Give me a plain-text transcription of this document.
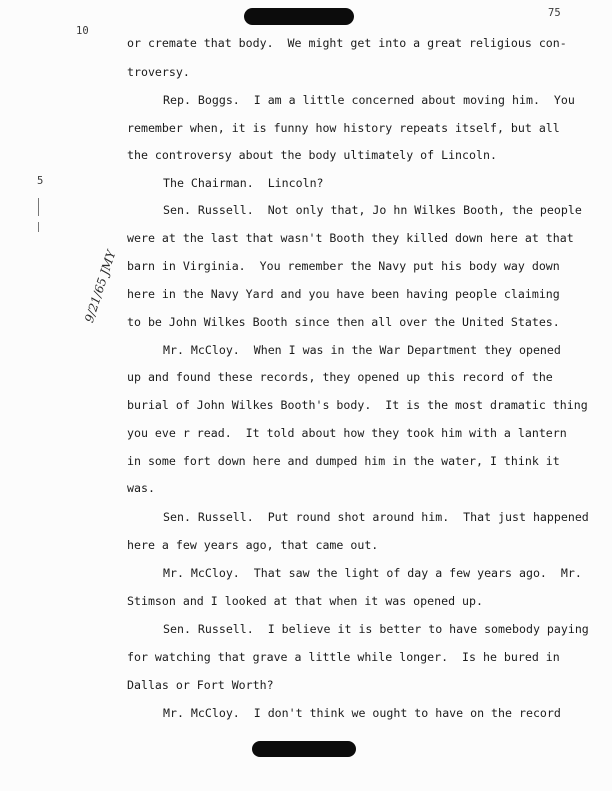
10
75
5
9/21/65 JMY
or cremate that body.  We might get into a great religious con-
troversy.
Rep. Boggs.  I am a little concerned about moving him.  You
remember when, it is funny how history repeats itself, but all
the controversy about the body ultimately of Lincoln.
The Chairman.  Lincoln?
Sen. Russell.  Not only that, Jo hn Wilkes Booth, the people
were at the last that wasn't Booth they killed down here at that
barn in Virginia.  You remember the Navy put his body way down
here in the Navy Yard and you have been having people claiming
to be John Wilkes Booth since then all over the United States.
Mr. McCloy.  When I was in the War Department they opened
up and found these records, they opened up this record of the
burial of John Wilkes Booth's body.  It is the most dramatic thing
you eve r read.  It told about how they took him with a lantern
in some fort down here and dumped him in the water, I think it
was.
Sen. Russell.  Put round shot around him.  That just happened
here a few years ago, that came out.
Mr. McCloy.  That saw the light of day a few years ago.  Mr.
Stimson and I looked at that when it was opened up.
Sen. Russell.  I believe it is better to have somebody paying
for watching that grave a little while longer.  Is he bured in
Dallas or Fort Worth?
Mr. McCloy.  I don't think we ought to have on the record
